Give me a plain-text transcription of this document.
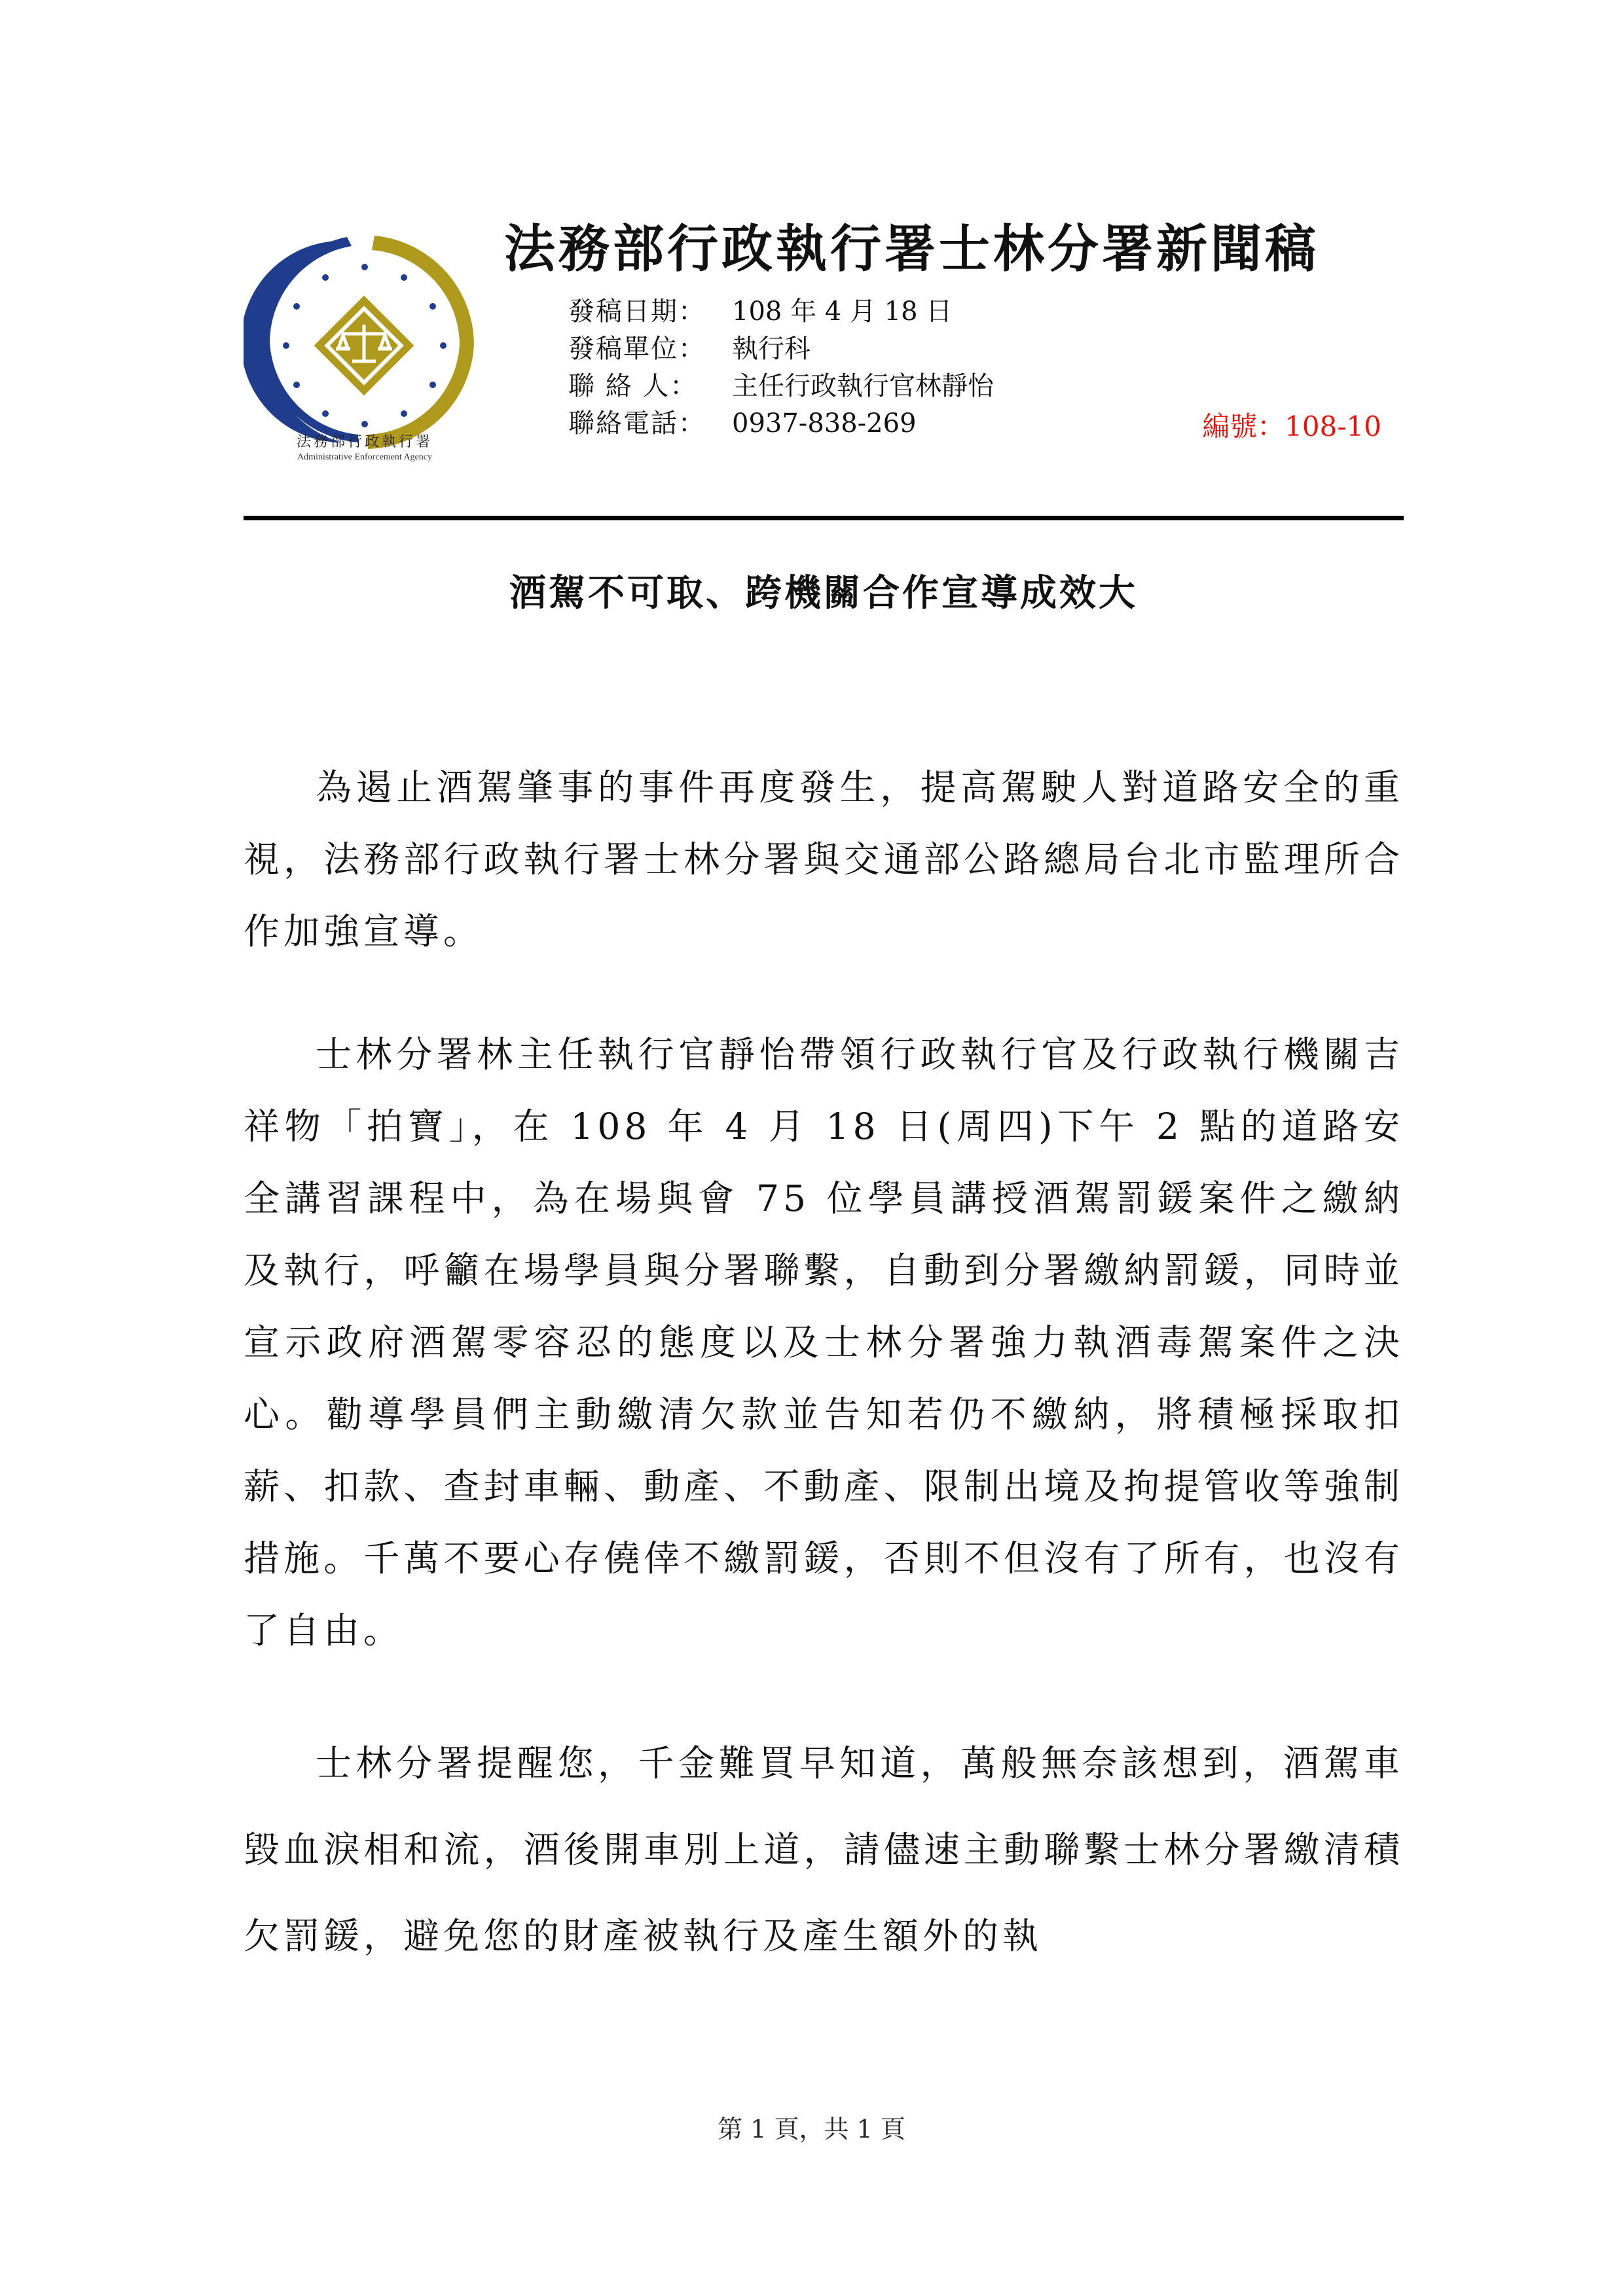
法務部行政執行署
Administrative Enforcement Agency
法務部行政執行署士林分署新聞稿
發稿日期： 108 年 4 月 18 日
發稿單位： 執行科
聯 絡 人： 主任行政執行官林靜怡
聯絡電話： 0937-838-269	編號：108-10
酒駕不可取、跨機關合作宣導成效大

為遏止酒駕肇事的事件再度發生，提高駕駛人對道路安全的重視，法務部行政執行署士林分署與交通部公路總局台北市監理所合作加強宣導。

士林分署林主任執行官靜怡帶領行政執行官及行政執行機關吉祥物「拍寶」，在 108 年 4 月 18 日(周四)下午 2 點的道路安全講習課程中，為在場與會 75 位學員講授酒駕罰鍰案件之繳納及執行，呼籲在場學員與分署聯繫，自動到分署繳納罰鍰，同時並宣示政府酒駕零容忍的態度以及士林分署強力執酒毒駕案件之決心。勸導學員們主動繳清欠款並告知若仍不繳納，將積極採取扣薪、扣款、查封車輛、動產、不動產、限制出境及拘提管收等強制措施。千萬不要心存僥倖不繳罰鍰，否則不但沒有了所有，也沒有了自由。

士林分署提醒您，千金難買早知道，萬般無奈該想到，酒駕車毀血淚相和流，酒後開車別上道，請儘速主動聯繫士林分署繳清積欠罰鍰，避免您的財產被執行及產生額外的執

第 1 頁，共 1 頁
